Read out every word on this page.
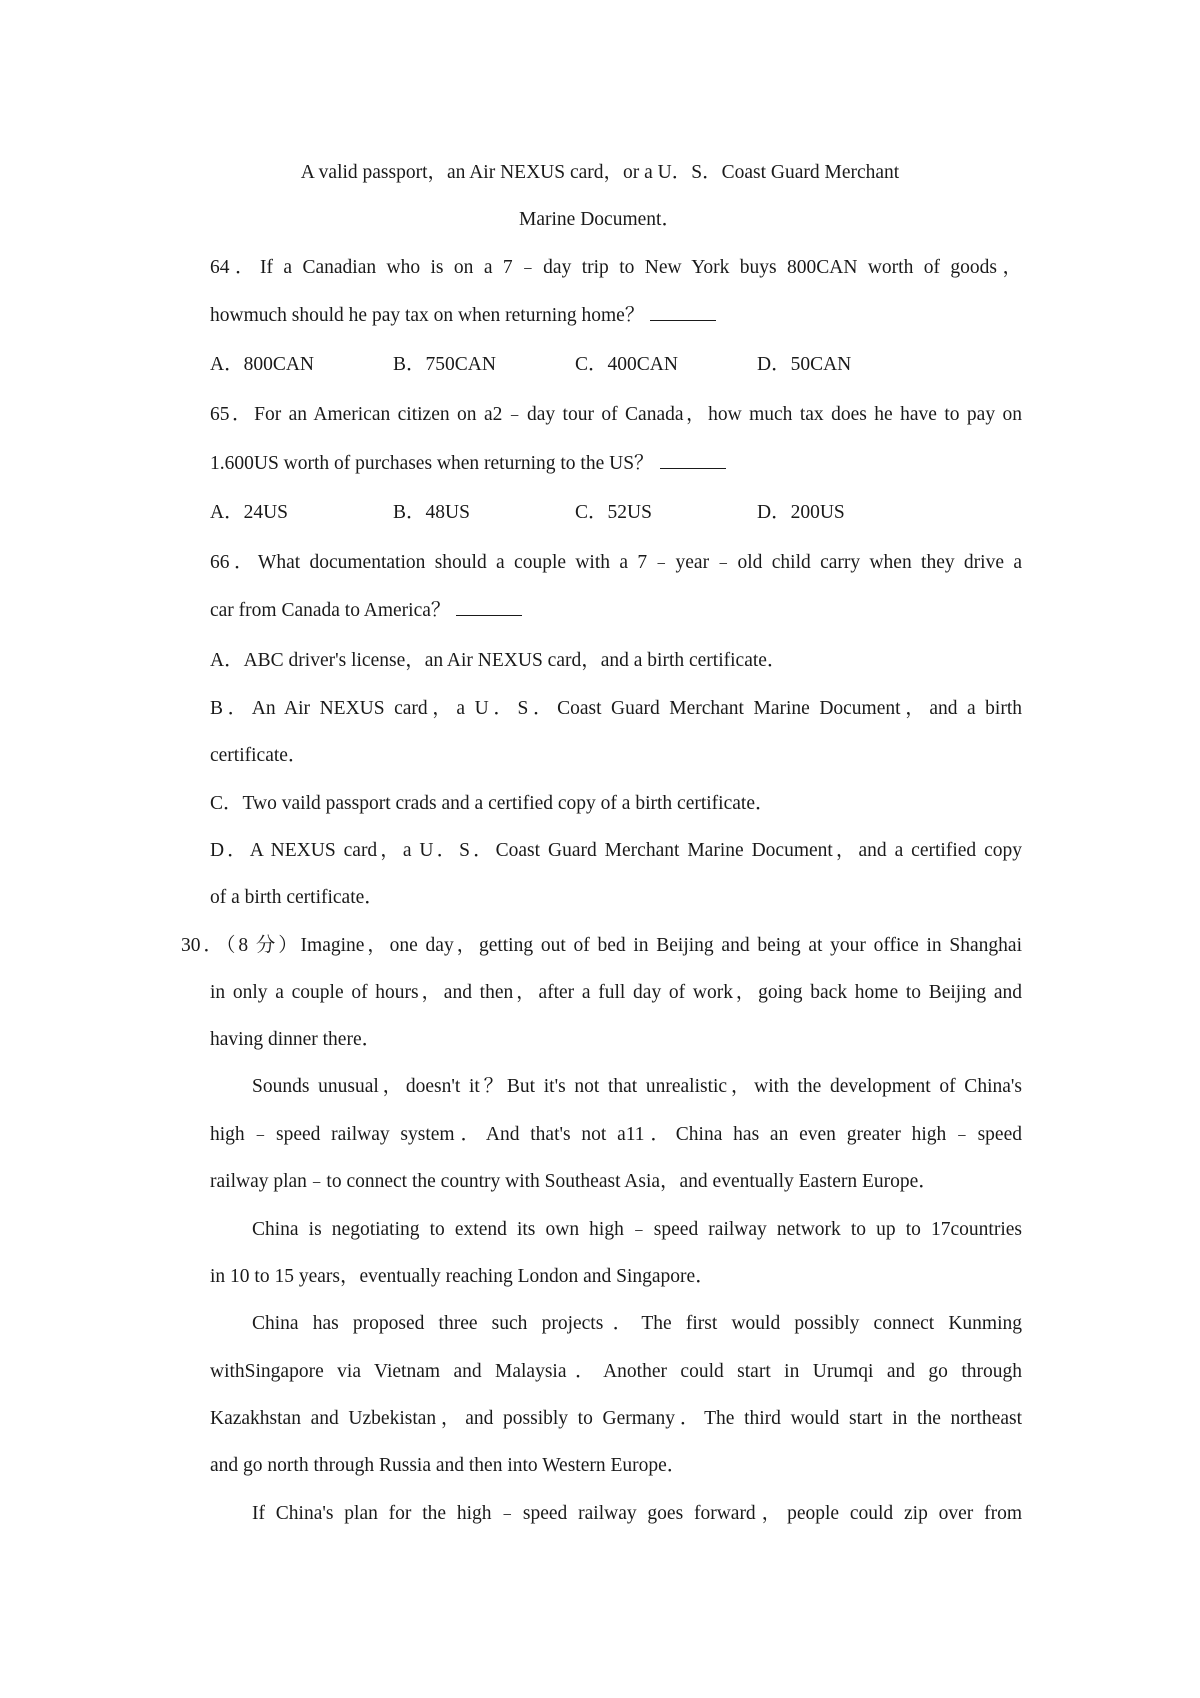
A valid passport，an Air NEXUS card，or a U．S．Coast Guard Merchant
Marine Document．
64．If a Canadian who is on a 7﹣day trip to New York buys 800CAN worth of goods，
howmuch should he pay tax on when returning home？
A．800CAN	B．750CAN	C．400CAN	D．50CAN
65．For an American citizen on a2﹣day tour of Canada，how much tax does he have to pay on
1.600US worth of purchases when returning to the US？
A．24US	B．48US	C．52US	D．200US
66．What documentation should a couple with a 7﹣year﹣old child carry when they drive a
car from Canada to America？
A．ABC driver's license，an Air NEXUS card，and a birth certificate．
B．An Air NEXUS card，a U．S．Coast Guard Merchant Marine Document，and a birth
certificate．
C．Two vaild passport crads and a certified copy of a birth certificate．
D．A NEXUS card，a U．S．Coast Guard Merchant Marine Document，and a certified copy
of a birth certificate．
30．（8 分）Imagine，one day，getting out of bed in Beijing and being at your office in Shanghai
in only a couple of hours，and then，after a full day of work，going back home to Beijing and
having dinner there．
Sounds unusual，doesn't it？But it's not that unrealistic，with the development of China's
high﹣speed railway system．And that's not a11．China has an even greater high﹣speed
railway plan﹣to connect the country with Southeast Asia，and eventually Eastern Europe．
China is negotiating to extend its own high﹣speed railway network to up to 17countries
in 10 to 15 years，eventually reaching London and Singapore．
China has proposed three such projects．The first would possibly connect Kunming
withSingapore via Vietnam and Malaysia．Another could start in Urumqi and go through
Kazakhstan and Uzbekistan，and possibly to Germany．The third would start in the northeast
and go north through Russia and then into Western Europe．
If China's plan for the high﹣speed railway goes forward，people could zip over from
